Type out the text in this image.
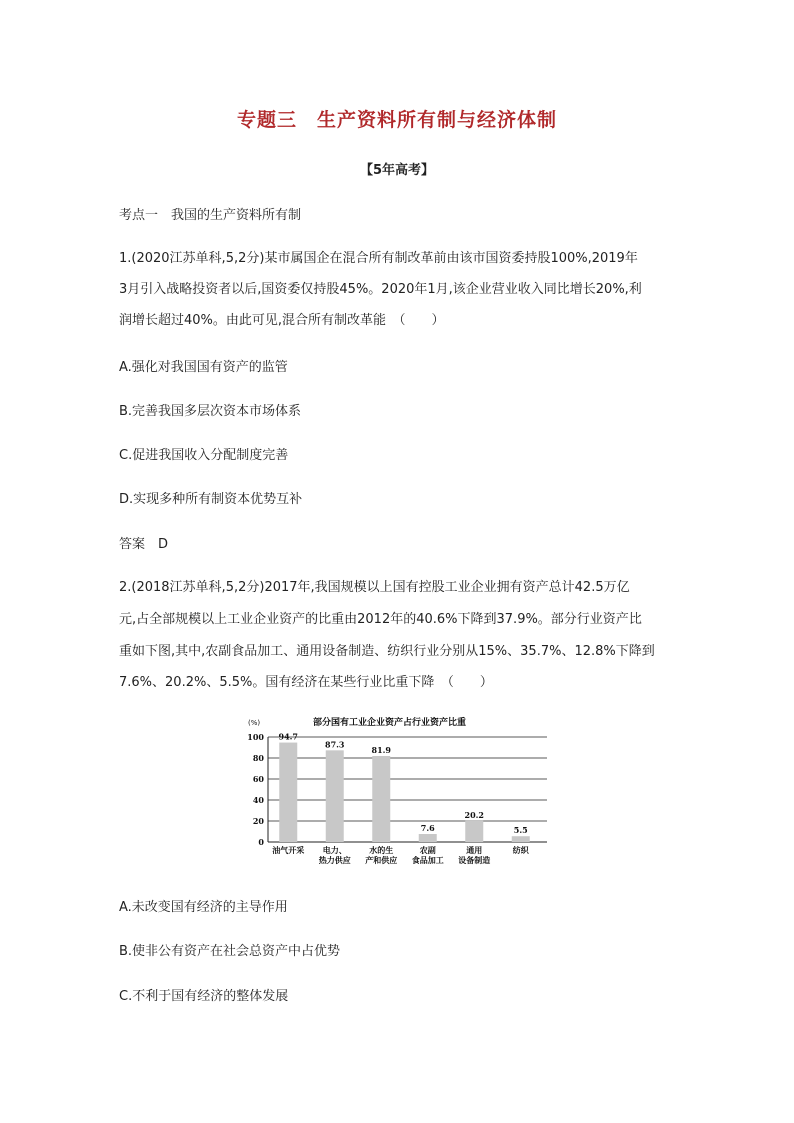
专题三　生产资料所有制与经济体制
【5年高考】
考点一　我国的生产资料所有制
1.(2020江苏单科,5,2分)某市属国企在混合所有制改革前由该市国资委持股100%,2019年
3月引入战略投资者以后,国资委仅持股45%。2020年1月,该企业营业收入同比增长20%,利
润增长超过40%。由此可见,混合所有制改革能　（　　）
A.强化对我国国有资产的监管
B.完善我国多层次资本市场体系
C.促进我国收入分配制度完善
D.实现多种所有制资本优势互补
答案　D
2.(2018江苏单科,5,2分)2017年,我国规模以上国有控股工业企业拥有资产总计42.5万亿
元,占全部规模以上工业企业资产的比重由2012年的40.6%下降到37.9%。部分行业资产比
重如下图,其中,农副食品加工、通用设备制造、纺织行业分别从15%、35.7%、12.8%下降到
7.6%、20.2%、5.5%。国有经济在某些行业比重下降　（　　）
部分国有工业企业资产占行业资产比重
(%)
0
20
40
60
80
100 94.7
油气开采
87.3
电力、
热力供应
81.9
水的生
产和供应
7.6
农副
食品加工
20.2
通用
设备制造
5.5
纺织
A.未改变国有经济的主导作用
B.使非公有资产在社会总资产中占优势
C.不利于国有经济的整体发展
